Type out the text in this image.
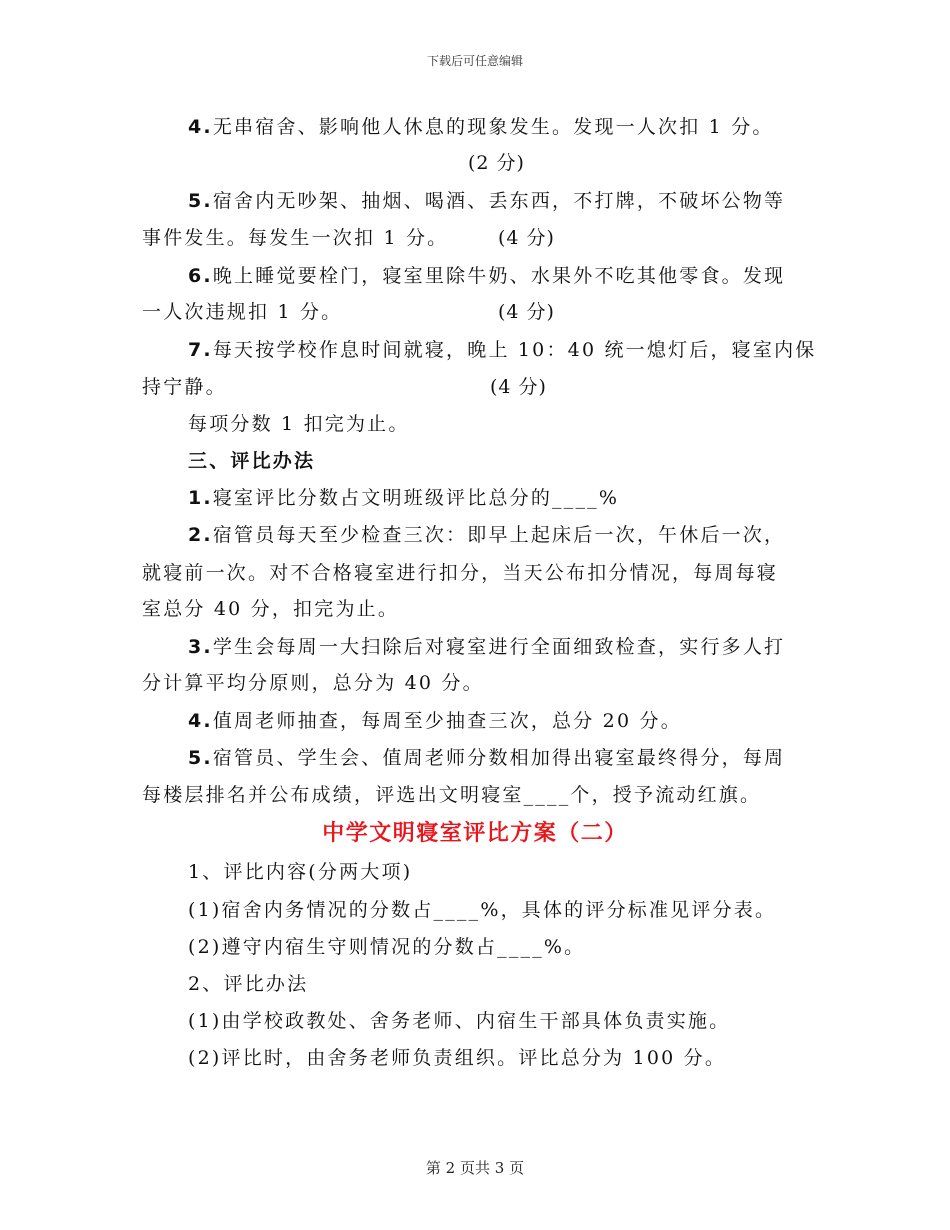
下载后可任意编辑
4.无串宿舍、影响他人休息的现象发生。发现一人次扣 1 分。
(2 分)
5.宿舍内无吵架、抽烟、喝酒、丢东西，不打牌，不破坏公物等
事件发生。每发生一次扣 1 分。	(4 分)
6.晚上睡觉要栓门，寝室里除牛奶、水果外不吃其他零食。发现
一人次违规扣 1 分。	(4 分)
7.每天按学校作息时间就寝，晚上 10：40 统一熄灯后，寝室内保
持宁静。	(4 分)
每项分数 1 扣完为止。
三、评比办法
1.寝室评比分数占文明班级评比总分的____%
2.宿管员每天至少检查三次：即早上起床后一次，午休后一次，
就寝前一次。对不合格寝室进行扣分，当天公布扣分情况，每周每寝
室总分 40 分，扣完为止。
3.学生会每周一大扫除后对寝室进行全面细致检查，实行多人打
分计算平均分原则，总分为 40 分。
4.值周老师抽查，每周至少抽查三次，总分 20 分。
5.宿管员、学生会、值周老师分数相加得出寝室最终得分，每周
每楼层排名并公布成绩，评选出文明寝室____个，授予流动红旗。
中学文明寝室评比方案（二）
1、评比内容(分两大项)
(1)宿舍内务情况的分数占____%，具体的评分标准见评分表。
(2)遵守内宿生守则情况的分数占____%。
2、评比办法
(1)由学校政教处、舍务老师、内宿生干部具体负责实施。
(2)评比时，由舍务老师负责组织。评比总分为 100 分。
第 2 页共 3 页
